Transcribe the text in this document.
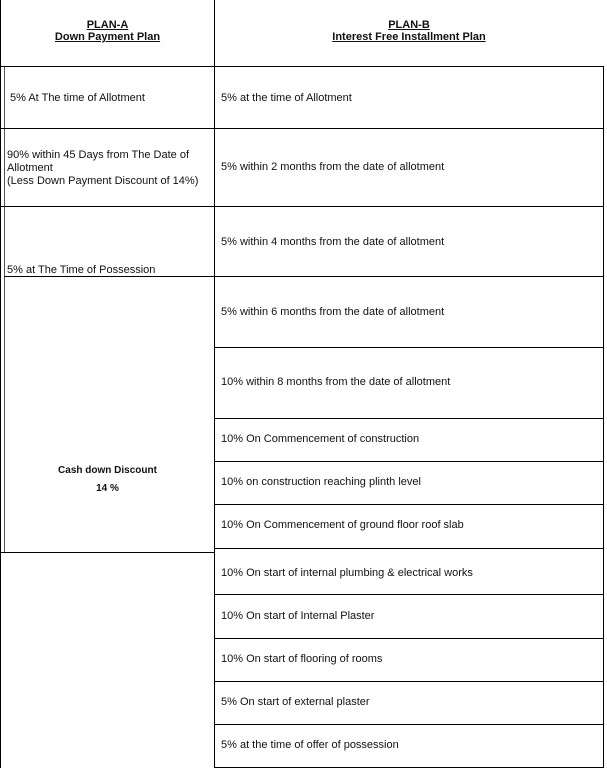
PLAN-A
Down Payment Plan
PLAN-B
Interest Free Installment Plan
5% At The time of Allotment
90% within 45 Days from The Date of
Allotment
(Less Down Payment Discount of 14%)
5% at The Time of Possession
Cash down Discount
14 %
5% at the time of Allotment
5% within 2 months from the date of allotment
5% within 4 months from the date of allotment
5% within 6 months from the date of allotment
10% within 8 months from the date of allotment
10% On Commencement of construction
10% on construction reaching plinth level
10% On Commencement of ground floor roof slab
10% On start of internal plumbing & electrical works
10% On start of Internal Plaster
10% On start of flooring of rooms
5% On start of external plaster
5% at the time of offer of possession
